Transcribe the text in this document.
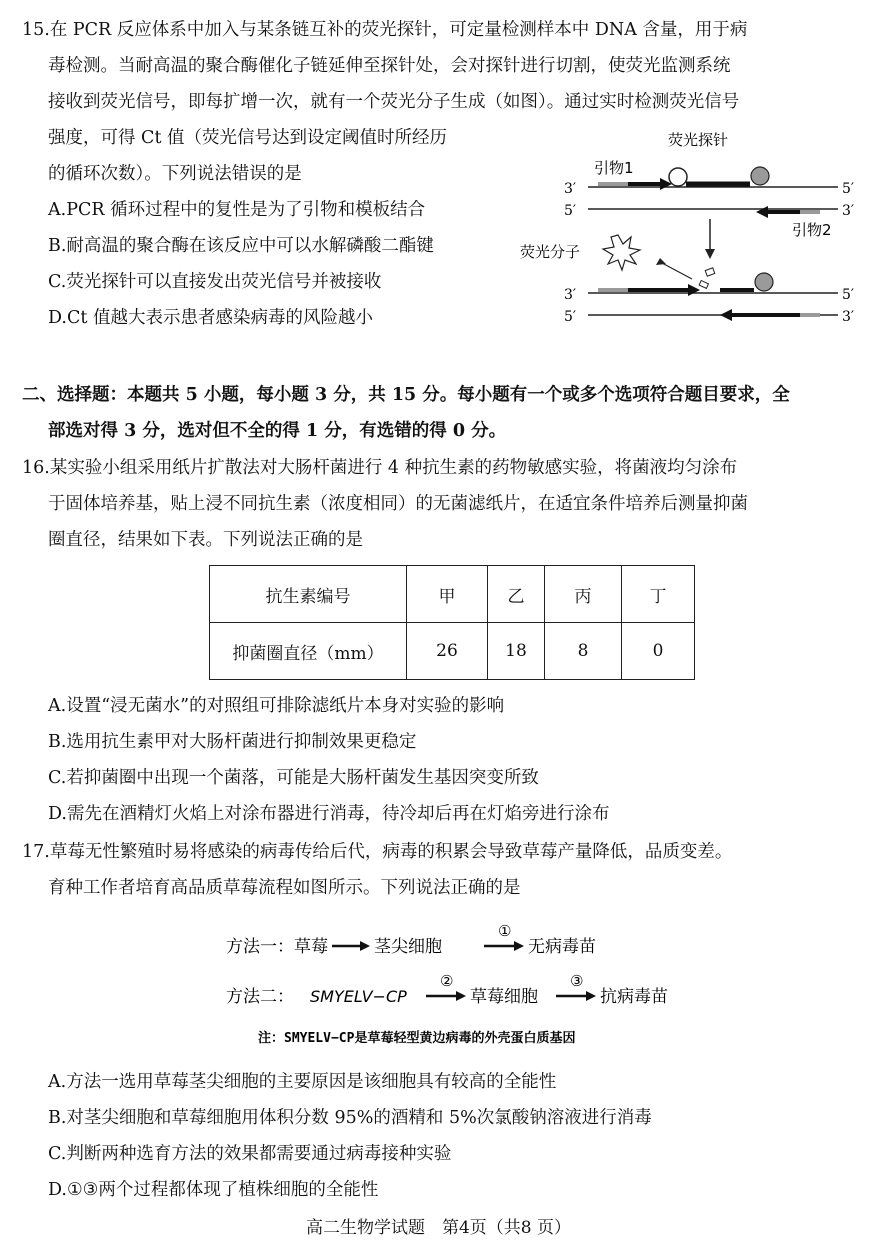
15.在 PCR 反应体系中加入与某条链互补的荧光探针，可定量检测样本中 DNA 含量，用于病
毒检测。当耐高温的聚合酶催化子链延伸至探针处，会对探针进行切割，使荧光监测系统
接收到荧光信号，即每扩增一次，就有一个荧光分子生成（如图）。通过实时检测荧光信号
强度，可得 Ct 值（荧光信号达到设定阈值时所经历
的循环次数）。下列说法错误的是
A.PCR 循环过程中的复性是为了引物和模板结合
B.耐高温的聚合酶在该反应中可以水解磷酸二酯键
C.荧光探针可以直接发出荧光信号并被接收
D.Ct 值越大表示患者感染病毒的风险越小
荧光探针
引物1
3′	5′
5′	3′
引物2
荧光分子
3′	5′
5′	3′
二、选择题：本题共 5 小题，每小题 3 分，共 15 分。每小题有一个或多个选项符合题目要求，全
部选对得 3 分，选对但不全的得 1 分，有选错的得 0 分。
16.某实验小组采用纸片扩散法对大肠杆菌进行 4 种抗生素的药物敏感实验，将菌液均匀涂布
于固体培养基，贴上浸不同抗生素（浓度相同）的无菌滤纸片，在适宜条件培养后测量抑菌
圈直径，结果如下表。下列说法正确的是
抗生素编号	甲	乙	丙	丁
抑菌圈直径（mm）	26	18	8	0
A.设置“浸无菌水”的对照组可排除滤纸片本身对实验的影响
B.选用抗生素甲对大肠杆菌进行抑制效果更稳定
C.若抑菌圈中出现一个菌落，可能是大肠杆菌发生基因突变所致
D.需先在酒精灯火焰上对涂布器进行消毒，待冷却后再在灯焰旁进行涂布
17.草莓无性繁殖时易将感染的病毒传给后代，病毒的积累会导致草莓产量降低，品质变差。
育种工作者培育高品质草莓流程如图所示。下列说法正确的是
方法一：草莓	茎尖细胞
①
无病毒苗
方法二： SMYELV−CP
②
草莓细胞
③
抗病毒苗
注：SMYELV−CP是草莓轻型黄边病毒的外壳蛋白质基因
A.方法一选用草莓茎尖细胞的主要原因是该细胞具有较高的全能性
B.对茎尖细胞和草莓细胞用体积分数 95%的酒精和 5%次氯酸钠溶液进行消毒
C.判断两种选育方法的效果都需要通过病毒接种实验
D.①③两个过程都体现了植株细胞的全能性
高二生物学试题　第4页（共8 页）
